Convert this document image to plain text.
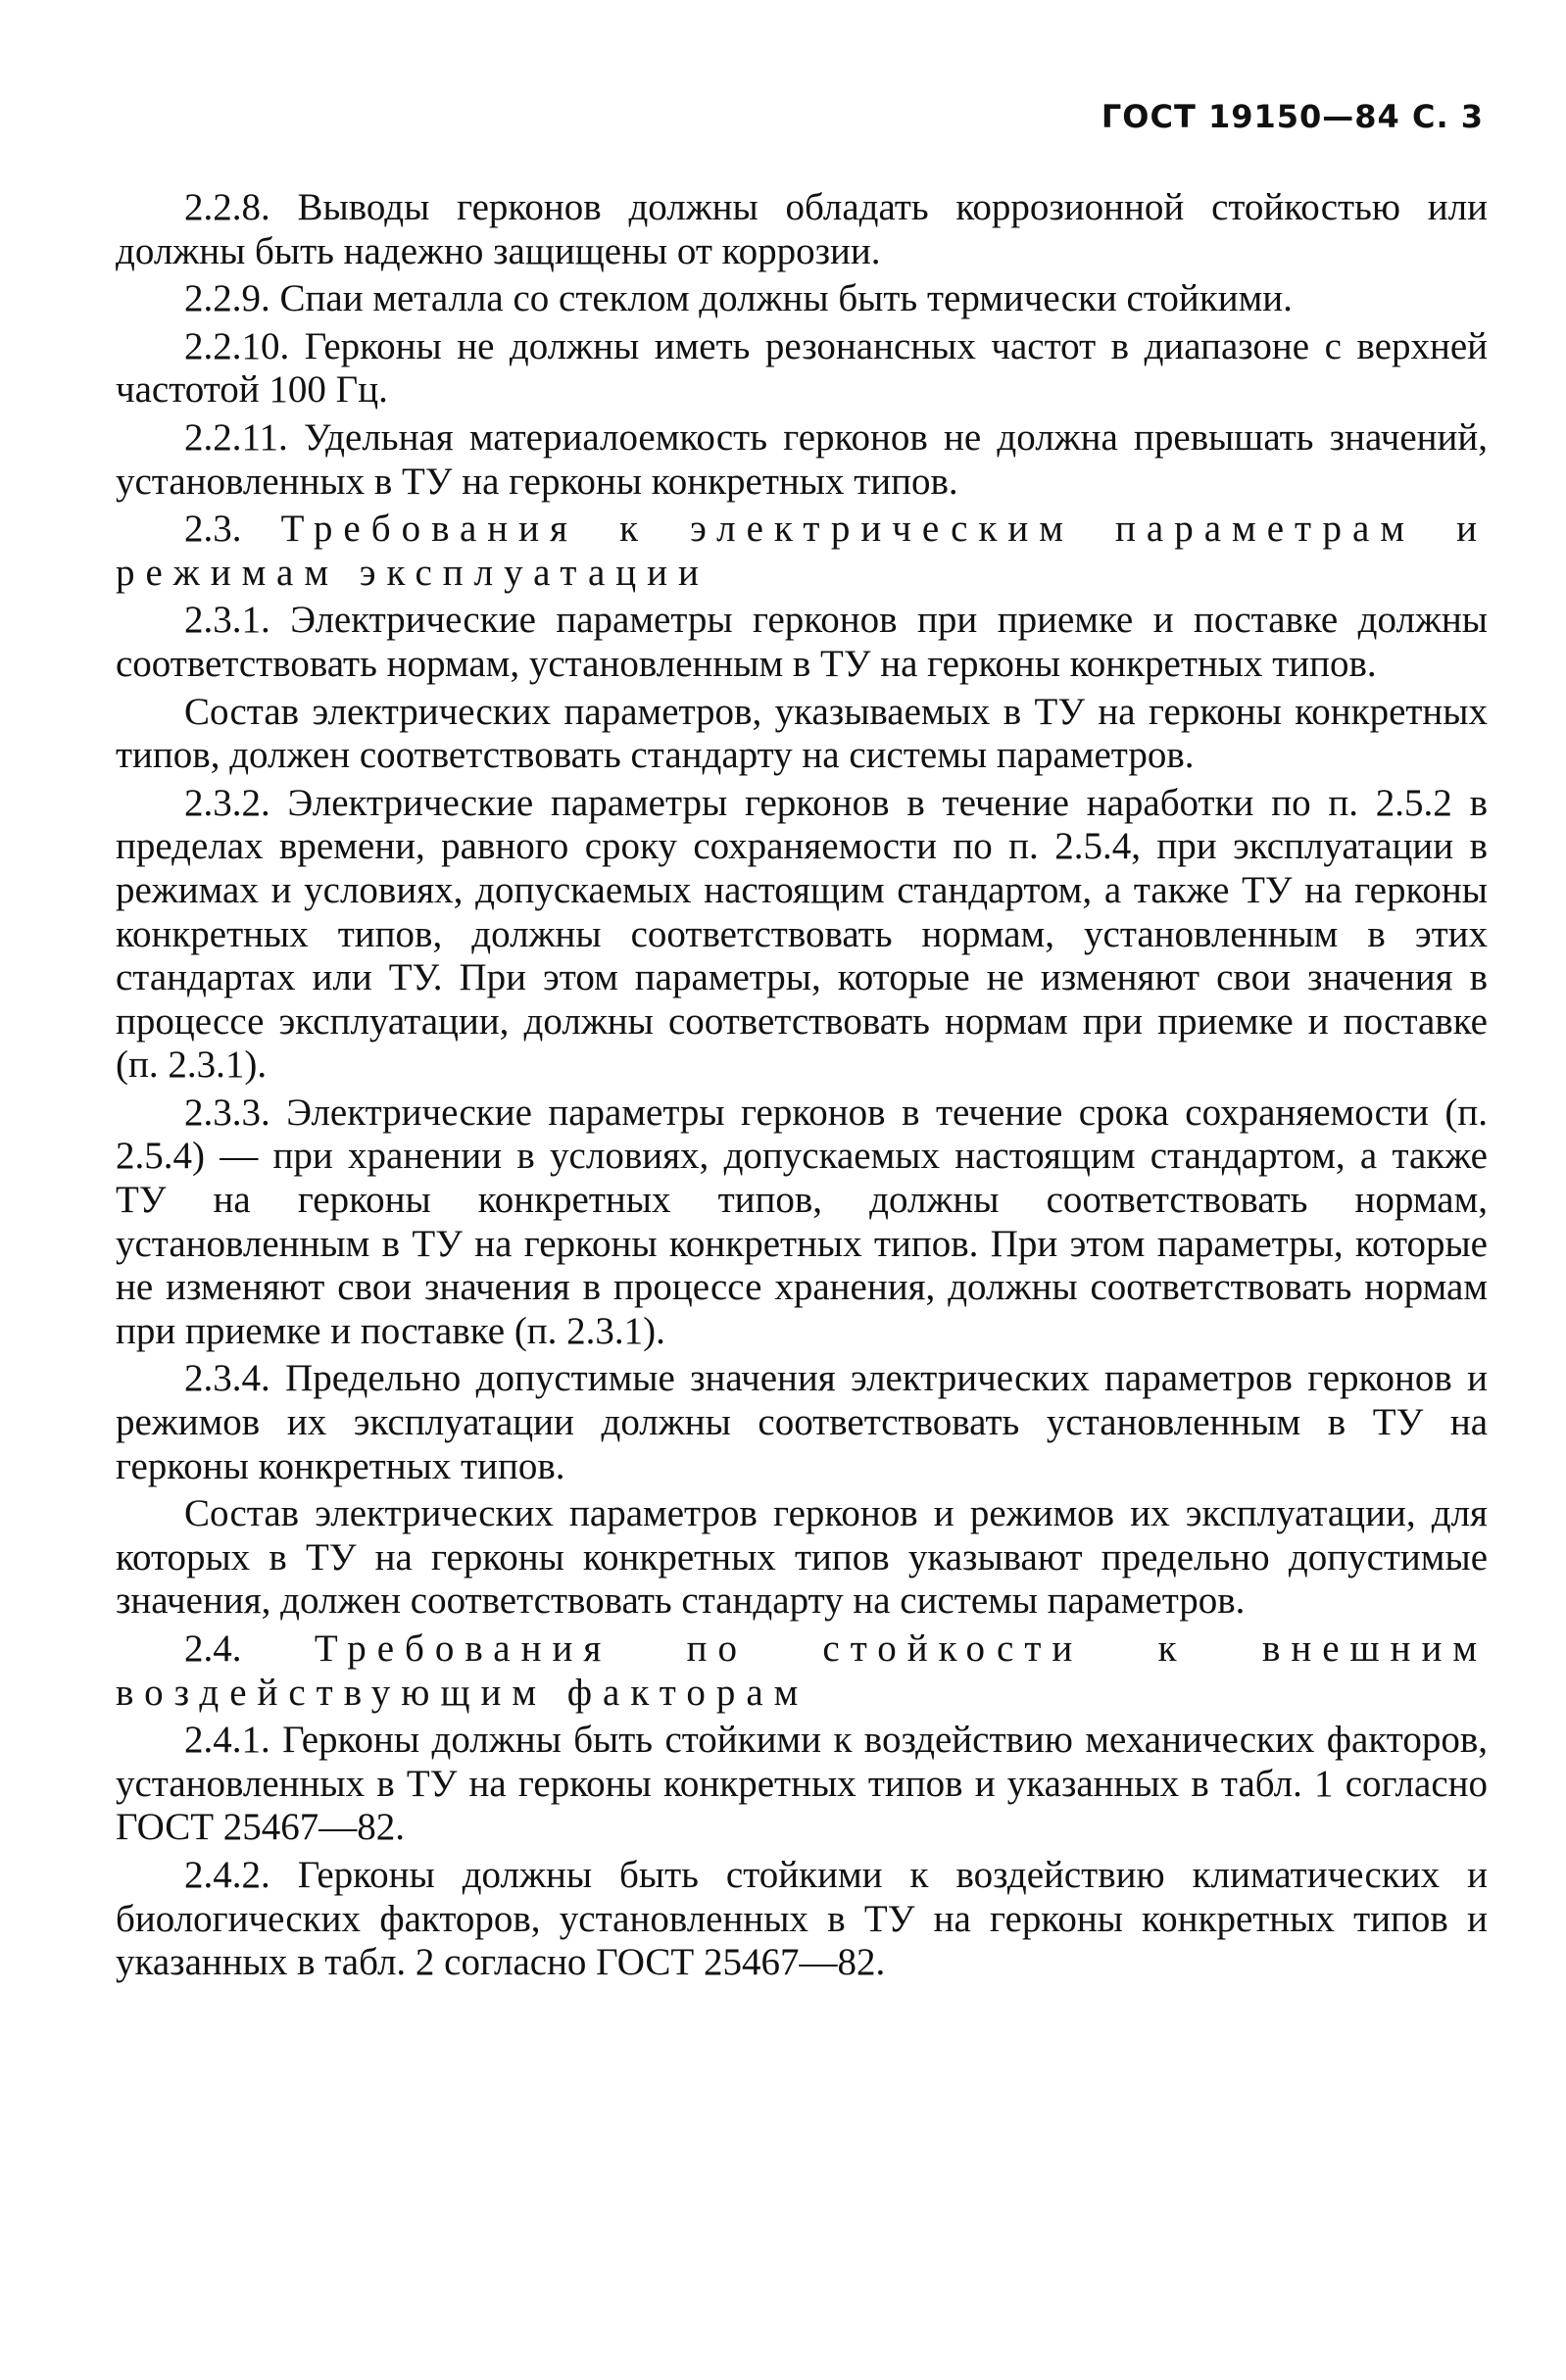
ГОСТ 19150—84 С. 3

2.2.8. Выводы герконов должны обладать коррозионной стойкостью или должны быть надежно защищены от коррозии.

2.2.9. Спаи металла со стеклом должны быть термически стойкими.

2.2.10. Герконы не должны иметь резонансных частот в диапазоне с верхней частотой 100 Гц.

2.2.11. Удельная материалоемкость герконов не должна превышать значений, установленных в ТУ на герконы конкретных типов.

2.3. Требования к электрическим параметрам и режимам эксплуатации

2.3.1. Электрические параметры герконов при приемке и поставке должны соответствовать нормам, установленным в ТУ на герконы конкретных типов.

Состав электрических параметров, указываемых в ТУ на герконы конкретных типов, должен соответствовать стандарту на системы параметров.

2.3.2. Электрические параметры герконов в течение наработки по п. 2.5.2 в пределах времени, равного сроку сохраняемости по п. 2.5.4, при эксплуатации в режимах и условиях, допускаемых настоящим стандартом, а также ТУ на герконы конкретных типов, должны соответствовать нормам, установленным в этих стандартах или ТУ. При этом параметры, которые не изменяют свои значения в процессе эксплуатации, должны соответствовать нормам при приемке и поставке (п. 2.3.1).

2.3.3. Электрические параметры герконов в течение срока сохраняемости (п. 2.5.4) — при хранении в условиях, допускаемых настоящим стандартом, а также ТУ на герконы конкретных типов, должны соответствовать нормам, установленным в ТУ на герконы конкретных типов. При этом параметры, которые не изменяют свои значения в процессе хранения, должны соответствовать нормам при приемке и поставке (п. 2.3.1).

2.3.4. Предельно допустимые значения электрических параметров герконов и режимов их эксплуатации должны соответствовать установленным в ТУ на герконы конкретных типов.

Состав электрических параметров герконов и режимов их эксплуатации, для которых в ТУ на герконы конкретных типов указывают предельно допустимые значения, должен соответствовать стандарту на системы параметров.

2.4. Требования по стойкости к внешним воздействующим факторам

2.4.1. Герконы должны быть стойкими к воздействию механических факторов, установленных в ТУ на герконы конкретных типов и указанных в табл. 1 согласно ГОСТ 25467—82.

2.4.2. Герконы должны быть стойкими к воздействию климатических и биологических факторов, установленных в ТУ на герконы конкретных типов и указанных в табл. 2 согласно ГОСТ 25467—82.
